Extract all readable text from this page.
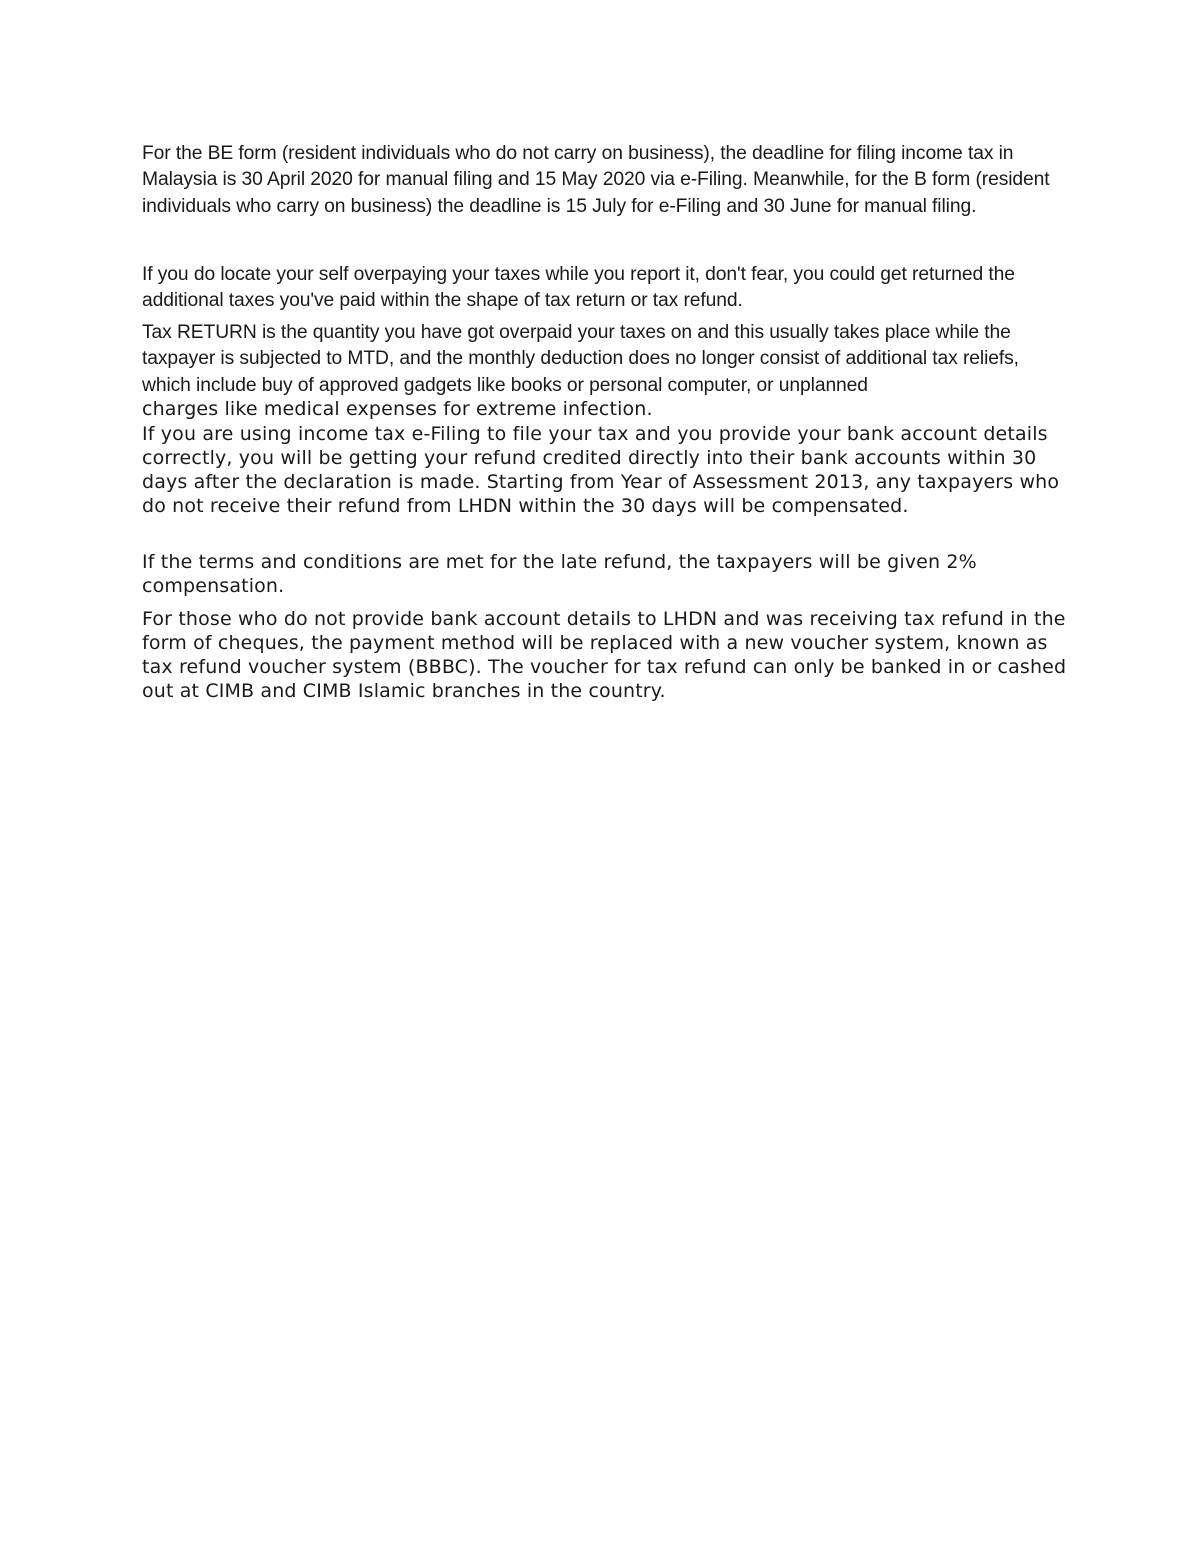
For the BE form (resident individuals who do not carry on business), the deadline for filing income tax in Malaysia is 30 April 2020 for manual filing and 15 May 2020 via e-Filing. Meanwhile, for the B form (resident individuals who carry on business) the deadline is 15 July for e-Filing and 30 June for manual filing.

If you do locate your self overpaying your taxes while you report it, don't fear, you could get returned the additional taxes you've paid within the shape of tax return or tax refund.

Tax RETURN is the quantity you have got overpaid your taxes on and this usually takes place while the taxpayer is subjected to MTD, and the monthly deduction does no longer consist of additional tax reliefs, which include buy of approved gadgets like books or personal computer, or unplanned

charges like medical expenses for extreme infection.

If you are using income tax e-Filing to file your tax and you provide your bank account details correctly, you will be getting your refund credited directly into their bank accounts within 30 days after the declaration is made. Starting from Year of Assessment 2013, any taxpayers who do not receive their refund from LHDN within the 30 days will be compensated.

If the terms and conditions are met for the late refund, the taxpayers will be given 2% compensation.

For those who do not provide bank account details to LHDN and was receiving tax refund in the form of cheques, the payment method will be replaced with a new voucher system, known as tax refund voucher system (BBBC). The voucher for tax refund can only be banked in or cashed out at CIMB and CIMB Islamic branches in the country.
